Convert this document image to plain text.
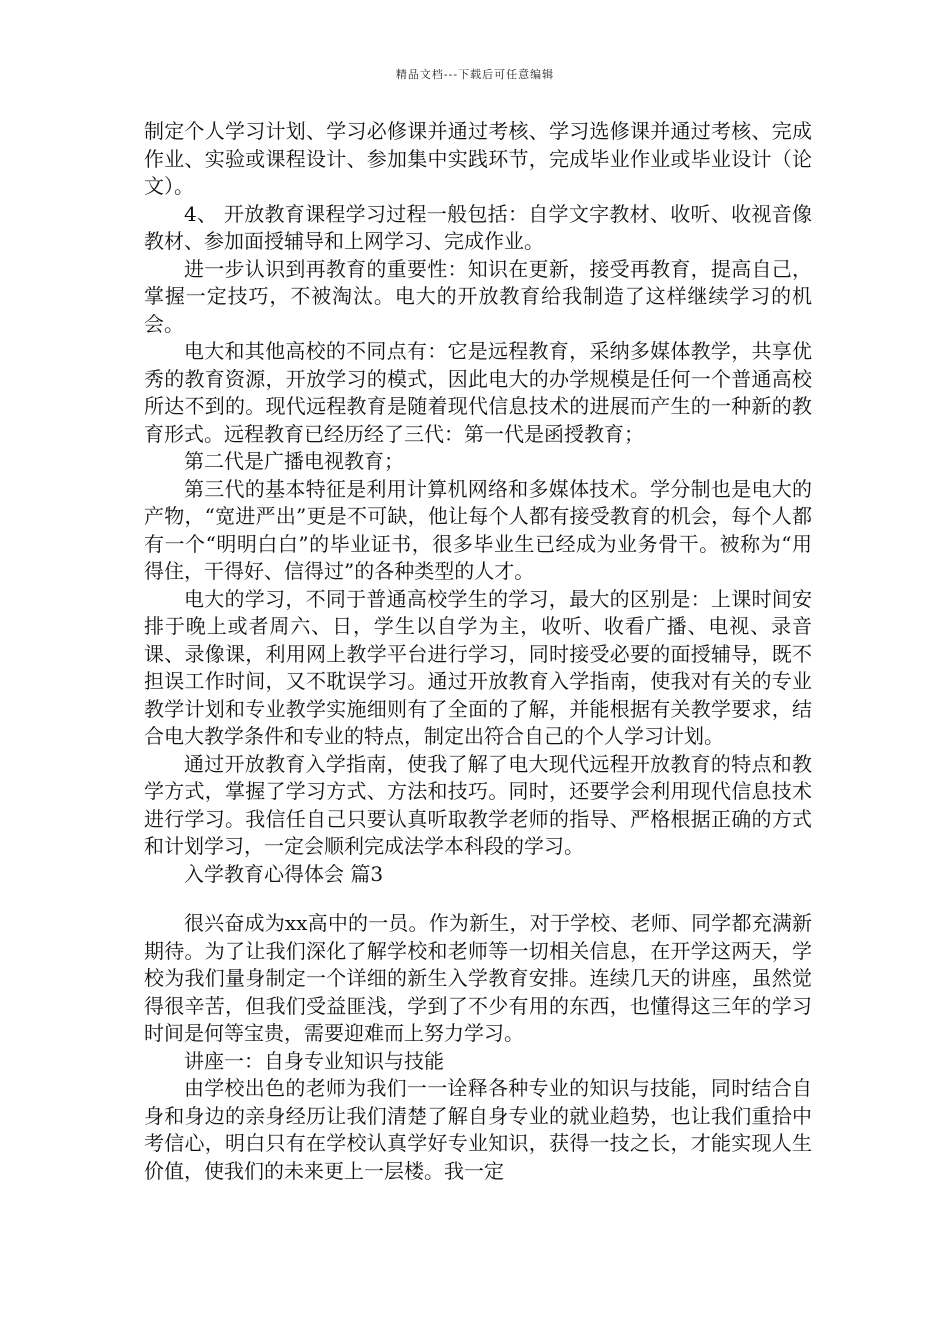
精品文档---下载后可任意编辑

制定个人学习计划、学习必修课并通过考核、学习选修课并通过考核、完成作业、实验或课程设计、参加集中实践环节，完成毕业作业或毕业设计（论文）。

4、 开放教育课程学习过程一般包括：自学文字教材、收听、收视音像教材、参加面授辅导和上网学习、完成作业。

进一步认识到再教育的重要性：知识在更新，接受再教育，提高自己，掌握一定技巧，不被淘汰。电大的开放教育给我制造了这样继续学习的机会。

电大和其他高校的不同点有：它是远程教育，采纳多媒体教学，共享优秀的教育资源，开放学习的模式，因此电大的办学规模是任何一个普通高校所达不到的。现代远程教育是随着现代信息技术的进展而产生的一种新的教育形式。远程教育已经历经了三代：第一代是函授教育；

第二代是广播电视教育；

第三代的基本特征是利用计算机网络和多媒体技术。学分制也是电大的产物，“宽进严出”更是不可缺，他让每个人都有接受教育的机会，每个人都有一个“明明白白”的毕业证书，很多毕业生已经成为业务骨干。被称为“用得住，干得好、信得过”的各种类型的人才。

电大的学习，不同于普通高校学生的学习，最大的区别是：上课时间安排于晚上或者周六、日，学生以自学为主，收听、收看广播、电视、录音课、录像课，利用网上教学平台进行学习，同时接受必要的面授辅导，既不担误工作时间，又不耽误学习。通过开放教育入学指南，使我对有关的专业教学计划和专业教学实施细则有了全面的了解，并能根据有关教学要求，结合电大教学条件和专业的特点，制定出符合自己的个人学习计划。

通过开放教育入学指南，使我了解了电大现代远程开放教育的特点和教学方式，掌握了学习方式、方法和技巧。同时，还要学会利用现代信息技术进行学习。我信任自己只要认真听取教学老师的指导、严格根据正确的方式和计划学习，一定会顺利完成法学本科段的学习。

入学教育心得体会 篇3

很兴奋成为xx高中的一员。作为新生，对于学校、老师、同学都充满新期待。为了让我们深化了解学校和老师等一切相关信息，在开学这两天，学校为我们量身制定一个详细的新生入学教育安排。连续几天的讲座，虽然觉得很辛苦，但我们受益匪浅，学到了不少有用的东西，也懂得这三年的学习时间是何等宝贵，需要迎难而上努力学习。

讲座一：自身专业知识与技能

由学校出色的老师为我们一一诠释各种专业的知识与技能，同时结合自身和身边的亲身经历让我们清楚了解自身专业的就业趋势，也让我们重拾中考信心，明白只有在学校认真学好专业知识，获得一技之长，才能实现人生价值，使我们的未来更上一层楼。我一定
